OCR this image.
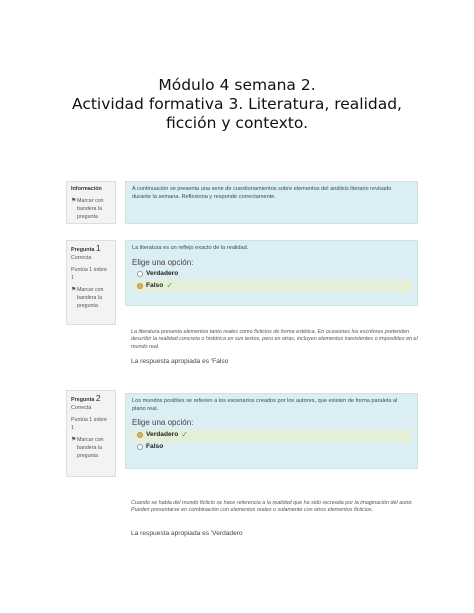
Módulo 4 semana 2.
Actividad formativa 3. Literatura, realidad,
ficción y contexto.
Información
⚑ Marcar con bandera la pregunta
A continuación se presenta una serie de cuestionamientos sobre elementos del análisis literario revisado durante la semana. Reflexiona y responde correctamente.
Pregunta 1
Correcta
Puntúa 1 sobre 1
⚑ Marcar con bandera la pregunta
La literatura es un reflejo exacto de la realidad.
Elige una opción:
Verdadero
Falso ✓
La literatura presenta elementos tanto reales como ficticios de forma estética. En ocasiones los escritores pretenden describir la realidad concreta o histórica en sus textos, pero en otras, incluyen elementos inexistentes o imposibles en el mundo real.
La respuesta apropiada es 'Falso
Pregunta 2
Correcta
Puntúa 1 sobre 1
⚑ Marcar con bandera la pregunta
Los mundos posibles se refieren a los escenarios creados por los autores, que existen de forma paralela al plano real.
Elige una opción:
Verdadero ✓
Falso
Cuando se habla del mundo ficticio se hace referencia a la realidad que ha sido recreada por la imaginación del autor. Pueden presentarse en combinación con elementos reales o solamente con otros elementos ficticios.
La respuesta apropiada es 'Verdadero
